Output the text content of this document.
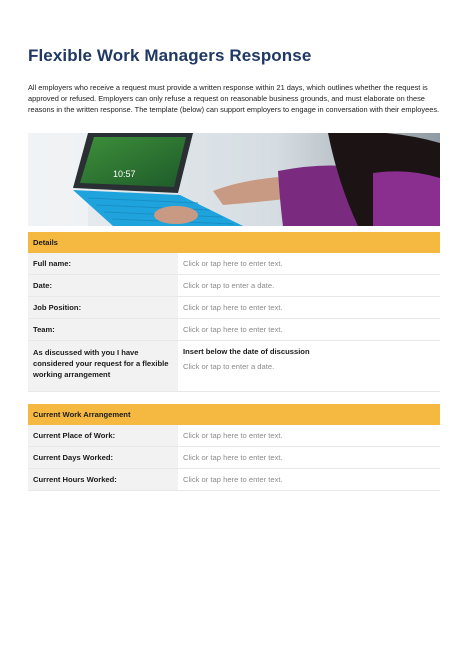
Flexible Work Managers Response
All employers who receive a request must provide a written response within 21 days, which outlines whether the request is approved or refused. Employers can only refuse a request on reasonable business grounds, and must elaborate on these reasons in the written response. The template (below) can support employers to engage in conversation with their employees.
10:57
Details	
Full name:	Click or tap here to enter text.
Date:	Click or tap to enter a date.
Job Position:	Click or tap here to enter text.
Team:	Click or tap here to enter text.
As discussed with you I have considered your request for a flexible working arrangement	Insert below the date of discussion
Click or tap to enter a date.
Current Work Arrangement	
Current Place of Work:	Click or tap here to enter text.
Current Days Worked:	Click or tap here to enter text.
Current Hours Worked:	Click or tap here to enter text.
